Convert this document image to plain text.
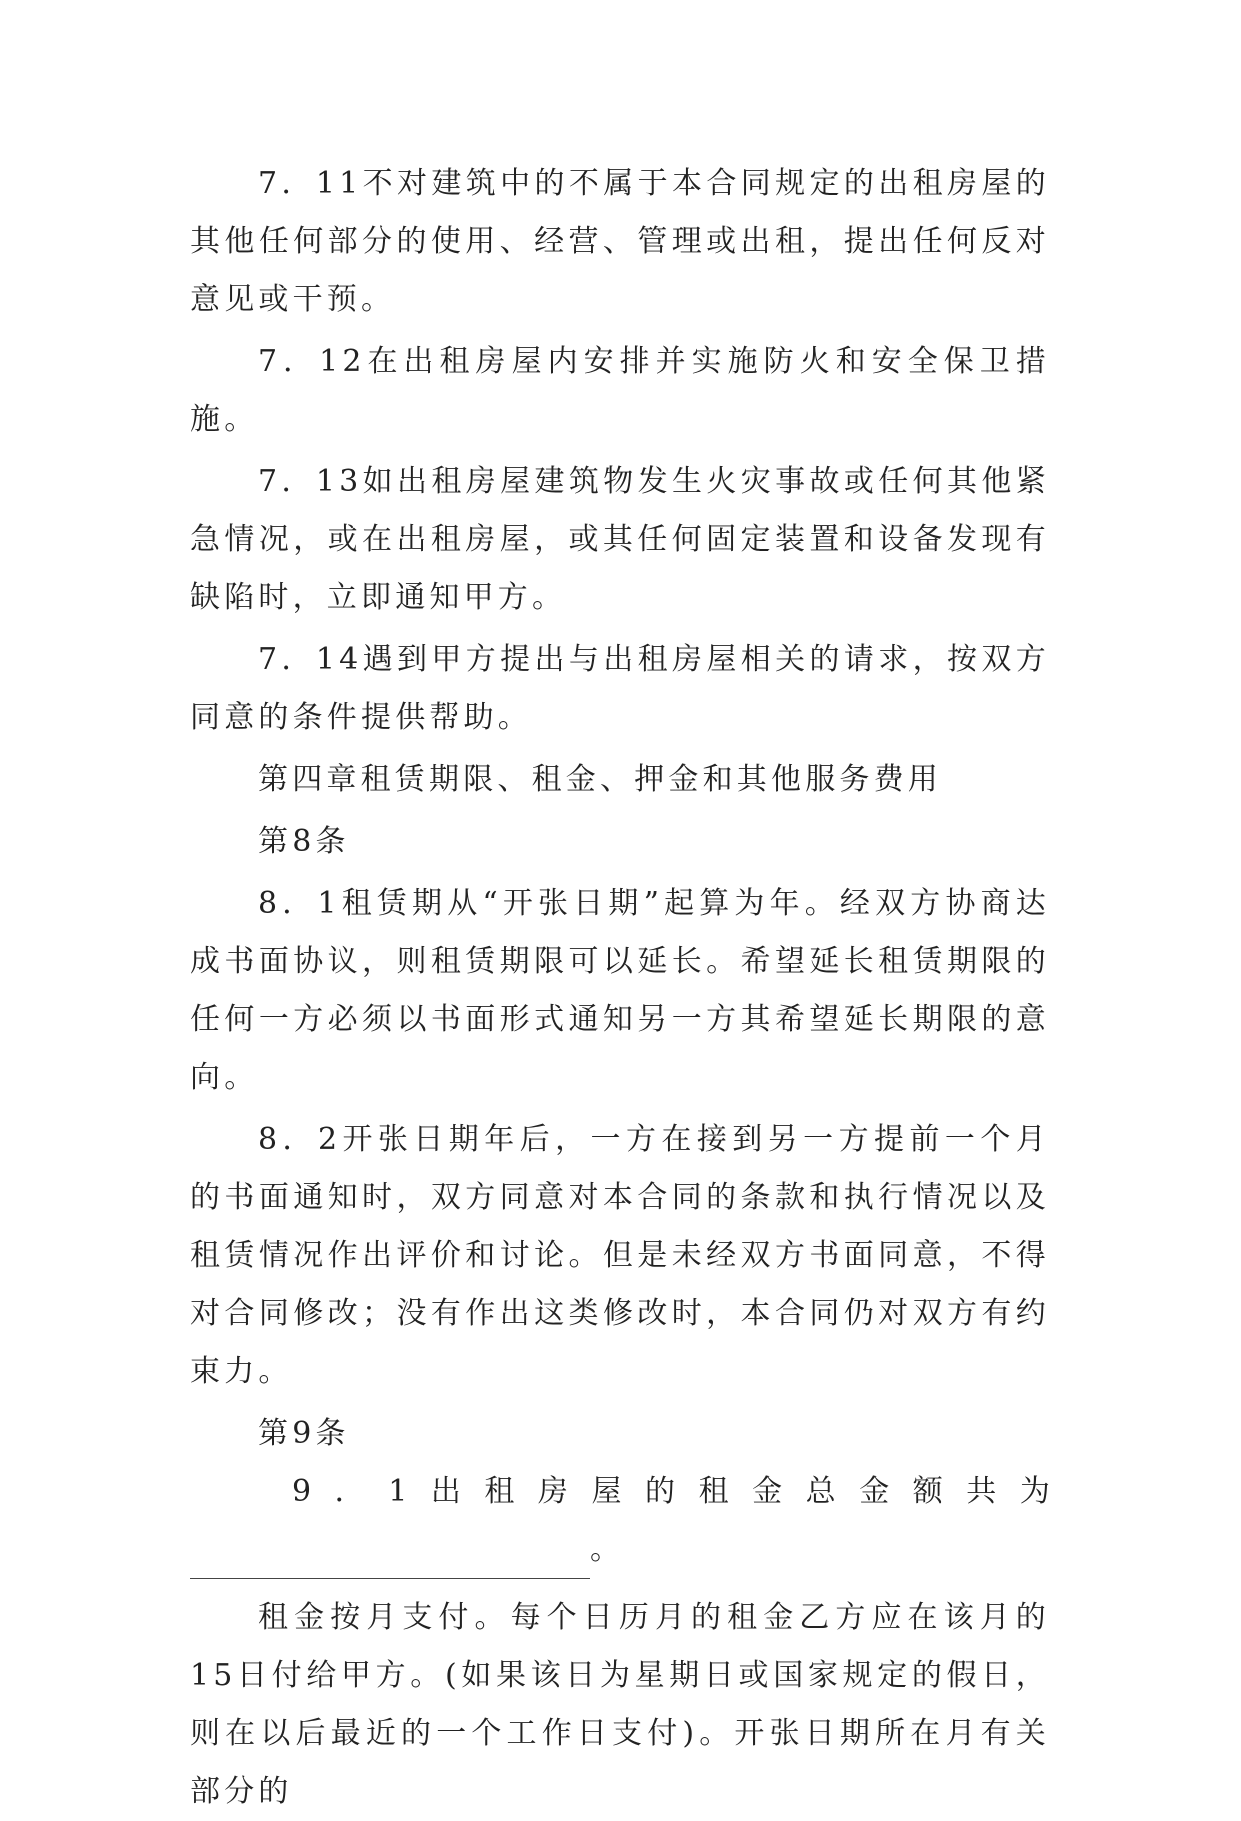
7．11不对建筑中的不属于本合同规定的出租房屋的其他任何部分的使用、经营、管理或出租，提出任何反对意见或干预。

7．12在出租房屋内安排并实施防火和安全保卫措施。

7．13如出租房屋建筑物发生火灾事故或任何其他紧急情况，或在出租房屋，或其任何固定装置和设备发现有缺陷时，立即通知甲方。

7．14遇到甲方提出与出租房屋相关的请求，按双方同意的条件提供帮助。

第四章租赁期限、租金、押金和其他服务费用

第8条

8．1租赁期从“开张日期”起算为年。经双方协商达成书面协议，则租赁期限可以延长。希望延长租赁期限的任何一方必须以书面形式通知另一方其希望延长期限的意向。

8．2开张日期年后，一方在接到另一方提前一个月的书面通知时，双方同意对本合同的条款和执行情况以及租赁情况作出评价和讨论。但是未经双方书面同意，不得对合同修改；没有作出这类修改时，本合同仍对双方有约束力。

第9条

9 ． 1 出 租 房 屋 的 租 金 总 金 额 共 为
。

租金按月支付。每个日历月的租金乙方应在该月的15日付给甲方。(如果该日为星期日或国家规定的假日，则在以后最近的一个工作日支付)。开张日期所在月有关部分的
